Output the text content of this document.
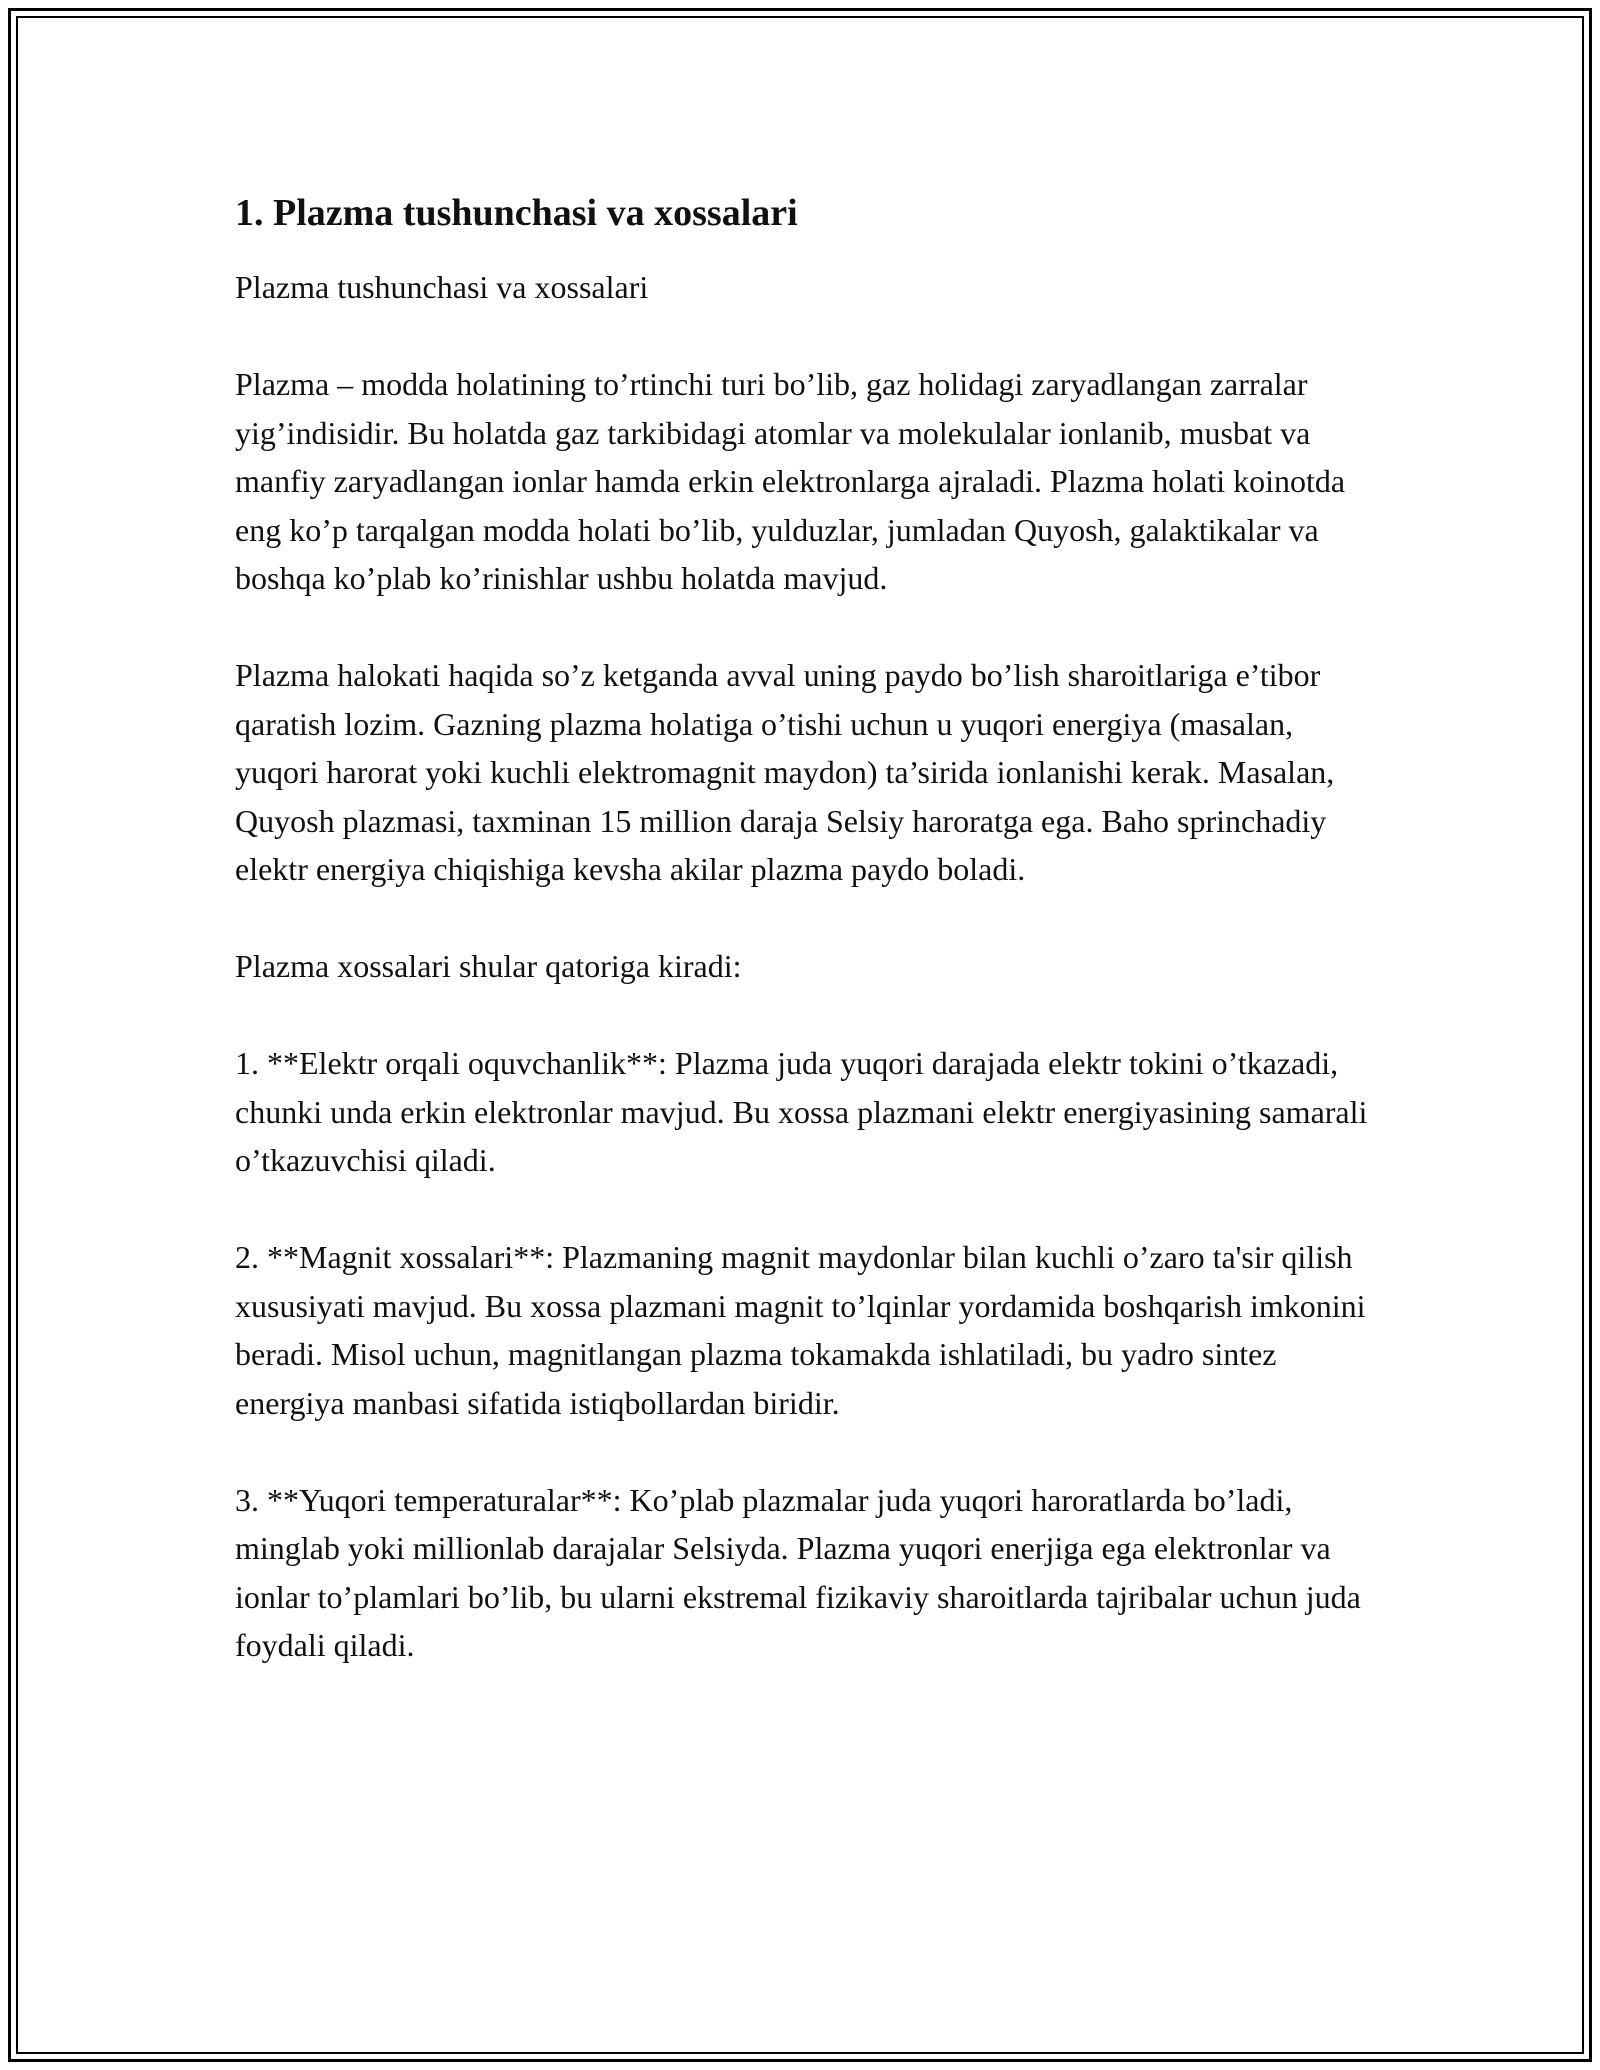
1. Plazma tushunchasi va xossalari

Plazma tushunchasi va xossalari

Plazma – modda holatining to’rtinchi turi bo’lib, gaz holidagi zaryadlangan zarralar yig’indisidir. Bu holatda gaz tarkibidagi atomlar va molekulalar ionlanib, musbat va manfiy zaryadlangan ionlar hamda erkin elektronlarga ajraladi. Plazma holati koinotda eng ko’p tarqalgan modda holati bo’lib, yulduzlar, jumladan Quyosh, galaktikalar va boshqa ko’plab ko’rinishlar ushbu holatda mavjud.

Plazma halokati haqida so’z ketganda avval uning paydo bo’lish sharoitlariga e’tibor qaratish lozim. Gazning plazma holatiga o’tishi uchun u yuqori energiya (masalan, yuqori harorat yoki kuchli elektromagnit maydon) ta’sirida ionlanishi kerak. Masalan, Quyosh plazmasi, taxminan 15 million daraja Selsiy haroratga ega. Baho sprinchadiy elektr energiya chiqishiga kevsha akilar plazma paydo boladi.

Plazma xossalari shular qatoriga kiradi:

1. **Elektr orqali oquvchanlik**: Plazma juda yuqori darajada elektr tokini o’tkazadi, chunki unda erkin elektronlar mavjud. Bu xossa plazmani elektr energiyasining samarali o’tkazuvchisi qiladi.

2. **Magnit xossalari**: Plazmaning magnit maydonlar bilan kuchli o’zaro ta'sir qilish xususiyati mavjud. Bu xossa plazmani magnit to’lqinlar yordamida boshqarish imkonini beradi. Misol uchun, magnitlangan plazma tokamakda ishlatiladi, bu yadro sintez energiya manbasi sifatida istiqbollardan biridir.

3. **Yuqori temperaturalar**: Ko’plab plazmalar juda yuqori haroratlarda bo’ladi, minglab yoki millionlab darajalar Selsiyda. Plazma yuqori enerjiga ega elektronlar va ionlar to’plamlari bo’lib, bu ularni ekstremal fizikaviy sharoitlarda tajribalar uchun juda foydali qiladi.
